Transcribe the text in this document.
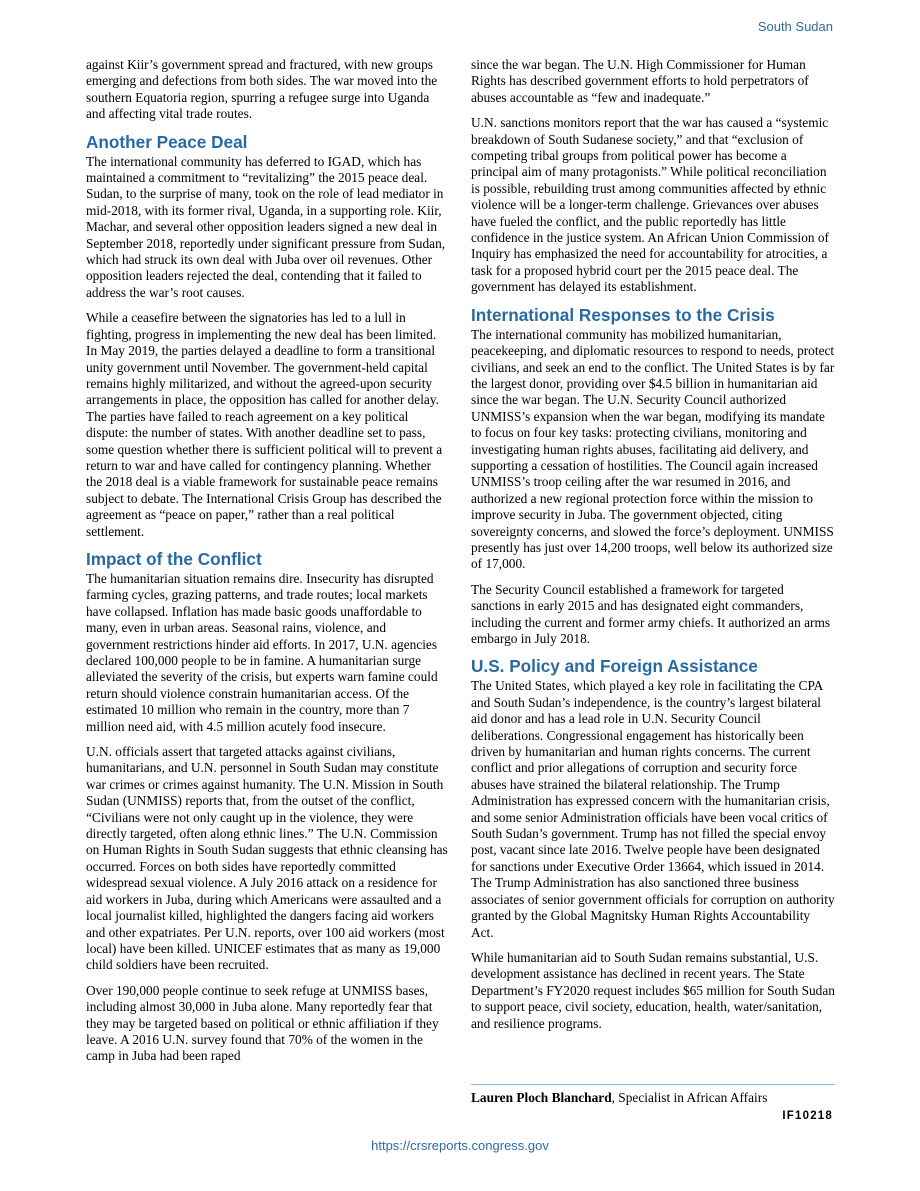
South Sudan

against Kiir’s government spread and fractured, with new groups emerging and defections from both sides. The war moved into the southern Equatoria region, spurring a refugee surge into Uganda and affecting vital trade routes.

Another Peace Deal

The international community has deferred to IGAD, which has maintained a commitment to “revitalizing” the 2015 peace deal. Sudan, to the surprise of many, took on the role of lead mediator in mid-2018, with its former rival, Uganda, in a supporting role. Kiir, Machar, and several other opposition leaders signed a new deal in September 2018, reportedly under significant pressure from Sudan, which had struck its own deal with Juba over oil revenues. Other opposition leaders rejected the deal, contending that it failed to address the war’s root causes.

While a ceasefire between the signatories has led to a lull in fighting, progress in implementing the new deal has been limited. In May 2019, the parties delayed a deadline to form a transitional unity government until November. The government-held capital remains highly militarized, and without the agreed-upon security arrangements in place, the opposition has called for another delay. The parties have failed to reach agreement on a key political dispute: the number of states. With another deadline set to pass, some question whether there is sufficient political will to prevent a return to war and have called for contingency planning. Whether the 2018 deal is a viable framework for sustainable peace remains subject to debate. The International Crisis Group has described the agreement as “peace on paper,” rather than a real political settlement.

Impact of the Conflict

The humanitarian situation remains dire. Insecurity has disrupted farming cycles, grazing patterns, and trade routes; local markets have collapsed. Inflation has made basic goods unaffordable to many, even in urban areas. Seasonal rains, violence, and government restrictions hinder aid efforts. In 2017, U.N. agencies declared 100,000 people to be in famine. A humanitarian surge alleviated the severity of the crisis, but experts warn famine could return should violence constrain humanitarian access. Of the estimated 10 million who remain in the country, more than 7 million need aid, with 4.5 million acutely food insecure.

U.N. officials assert that targeted attacks against civilians, humanitarians, and U.N. personnel in South Sudan may constitute war crimes or crimes against humanity. The U.N. Mission in South Sudan (UNMISS) reports that, from the outset of the conflict, “Civilians were not only caught up in the violence, they were directly targeted, often along ethnic lines.” The U.N. Commission on Human Rights in South Sudan suggests that ethnic cleansing has occurred. Forces on both sides have reportedly committed widespread sexual violence. A July 2016 attack on a residence for aid workers in Juba, during which Americans were assaulted and a local journalist killed, highlighted the dangers facing aid workers and other expatriates. Per U.N. reports, over 100 aid workers (most local) have been killed. UNICEF estimates that as many as 19,000 child soldiers have been recruited.

Over 190,000 people continue to seek refuge at UNMISS bases, including almost 30,000 in Juba alone. Many reportedly fear that they may be targeted based on political or ethnic affiliation if they leave. A 2016 U.N. survey found that 70% of the women in the camp in Juba had been raped

since the war began. The U.N. High Commissioner for Human Rights has described government efforts to hold perpetrators of abuses accountable as “few and inadequate.”

U.N. sanctions monitors report that the war has caused a “systemic breakdown of South Sudanese society,” and that “exclusion of competing tribal groups from political power has become a principal aim of many protagonists.” While political reconciliation is possible, rebuilding trust among communities affected by ethnic violence will be a longer-term challenge. Grievances over abuses have fueled the conflict, and the public reportedly has little confidence in the justice system. An African Union Commission of Inquiry has emphasized the need for accountability for atrocities, a task for a proposed hybrid court per the 2015 peace deal. The government has delayed its establishment.

International Responses to the Crisis

The international community has mobilized humanitarian, peacekeeping, and diplomatic resources to respond to needs, protect civilians, and seek an end to the conflict. The United States is by far the largest donor, providing over $4.5 billion in humanitarian aid since the war began. The U.N. Security Council authorized UNMISS’s expansion when the war began, modifying its mandate to focus on four key tasks: protecting civilians, monitoring and investigating human rights abuses, facilitating aid delivery, and supporting a cessation of hostilities. The Council again increased UNMISS’s troop ceiling after the war resumed in 2016, and authorized a new regional protection force within the mission to improve security in Juba. The government objected, citing sovereignty concerns, and slowed the force’s deployment. UNMISS presently has just over 14,200 troops, well below its authorized size of 17,000.

The Security Council established a framework for targeted sanctions in early 2015 and has designated eight commanders, including the current and former army chiefs. It authorized an arms embargo in July 2018.

U.S. Policy and Foreign Assistance

The United States, which played a key role in facilitating the CPA and South Sudan’s independence, is the country’s largest bilateral aid donor and has a lead role in U.N. Security Council deliberations. Congressional engagement has historically been driven by humanitarian and human rights concerns. The current conflict and prior allegations of corruption and security force abuses have strained the bilateral relationship. The Trump Administration has expressed concern with the humanitarian crisis, and some senior Administration officials have been vocal critics of South Sudan’s government. Trump has not filled the special envoy post, vacant since late 2016. Twelve people have been designated for sanctions under Executive Order 13664, which issued in 2014. The Trump Administration has also sanctioned three business associates of senior government officials for corruption on authority granted by the Global Magnitsky Human Rights Accountability Act.

While humanitarian aid to South Sudan remains substantial, U.S. development assistance has declined in recent years. The State Department’s FY2020 request includes $65 million for South Sudan to support peace, civil society, education, health, water/sanitation, and resilience programs.

Lauren Ploch Blanchard, Specialist in African Affairs
IF10218
https://crsreports.congress.gov
